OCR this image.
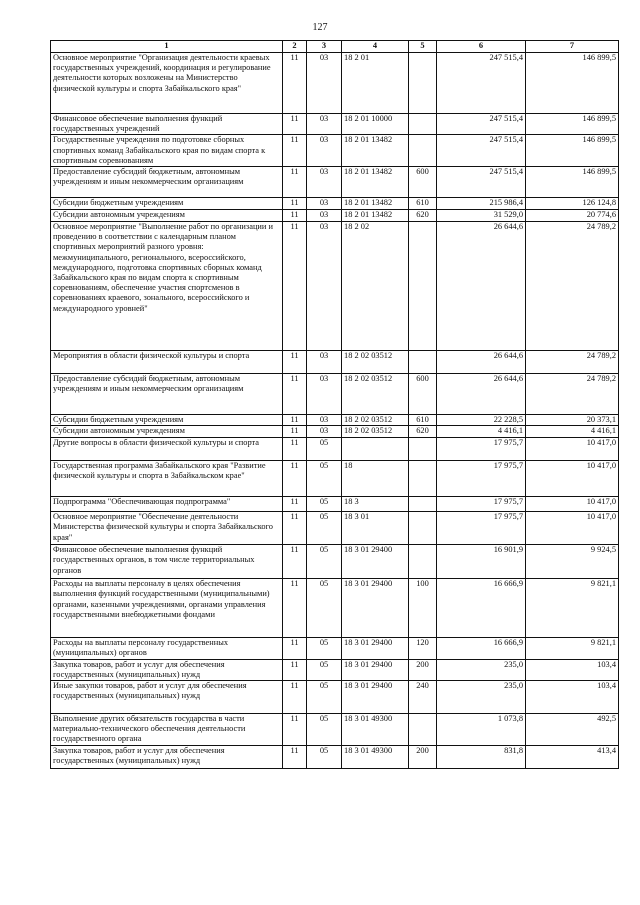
127
1	2	3	4	5	6	7
Основное мероприятие "Организация деятельности краевых государственных учреждений, координация и регулирование деятельности которых возложены на Министерство физической культуры и спорта Забайкальского края"	11	03	18 2 01		247 515,4	146 899,5
Финансовое обеспечение выполнения функций государственных учреждений	11	03	18 2 01 10000		247 515,4	146 899,5
Государственные учреждения по подготовке сборных спортивных команд Забайкальского края по видам спорта к спортивным соревнованиям	11	03	18 2 01 13482		247 515,4	146 899,5
Предоставление субсидий бюджетным, автономным учреждениям и иным некоммерческим организациям	11	03	18 2 01 13482	600	247 515,4	146 899,5
Субсидии бюджетным учреждениям	11	03	18 2 01 13482	610	215 986,4	126 124,8
Субсидии автономным учреждениям	11	03	18 2 01 13482	620	31 529,0	20 774,6
Основное мероприятие "Выполнение работ по организации и проведению в соответствии с календарным планом спортивных мероприятий разного уровня: межмуниципального, регионального, всероссийского, международного, подготовка спортивных сборных команд Забайкальского края по видам спорта к спортивным соревнованиям, обеспечение участия спортсменов в соревнованиях краевого, зонального, всероссийского и международного уровней"	11	03	18 2 02		26 644,6	24 789,2
Мероприятия в области физической культуры и спорта	11	03	18 2 02 03512		26 644,6	24 789,2
Предоставление субсидий бюджетным, автономным учреждениям и иным некоммерческим организациям	11	03	18 2 02 03512	600	26 644,6	24 789,2
Субсидии бюджетным учреждениям	11	03	18 2 02 03512	610	22 228,5	20 373,1
Субсидии автономным учреждениям	11	03	18 2 02 03512	620	4 416,1	4 416,1
Другие вопросы в области физической культуры и спорта	11	05			17 975,7	10 417,0
Государственная программа Забайкальского края "Развитие физической культуры и спорта в Забайкальском крае"	11	05	18		17 975,7	10 417,0
Подпрограмма "Обеспечивающая подпрограмма"	11	05	18 3		17 975,7	10 417,0
Основное мероприятие "Обеспечение деятельности Министерства физической культуры и спорта Забайкальского края"	11	05	18 3 01		17 975,7	10 417,0
Финансовое обеспечение выполнения функций государственных органов, в том числе территориальных органов	11	05	18 3 01 29400		16 901,9	9 924,5
Расходы на выплаты персоналу в целях обеспечения выполнения функций государственными (муниципальными) органами, казенными учреждениями, органами управления государственными внебюджетными фондами	11	05	18 3 01 29400	100	16 666,9	9 821,1
Расходы на выплаты персоналу государственных (муниципальных) органов	11	05	18 3 01 29400	120	16 666,9	9 821,1
Закупка товаров, работ и услуг для обеспечения государственных (муниципальных) нужд	11	05	18 3 01 29400	200	235,0	103,4
Иные закупки товаров, работ и услуг для обеспечения государственных (муниципальных) нужд	11	05	18 3 01 29400	240	235,0	103,4
Выполнение других обязательств государства в части материально-технического обеспечения деятельности государственного органа	11	05	18 3 01 49300		1 073,8	492,5
Закупка товаров, работ и услуг для обеспечения государственных (муниципальных) нужд	11	05	18 3 01 49300	200	831,8	413,4
